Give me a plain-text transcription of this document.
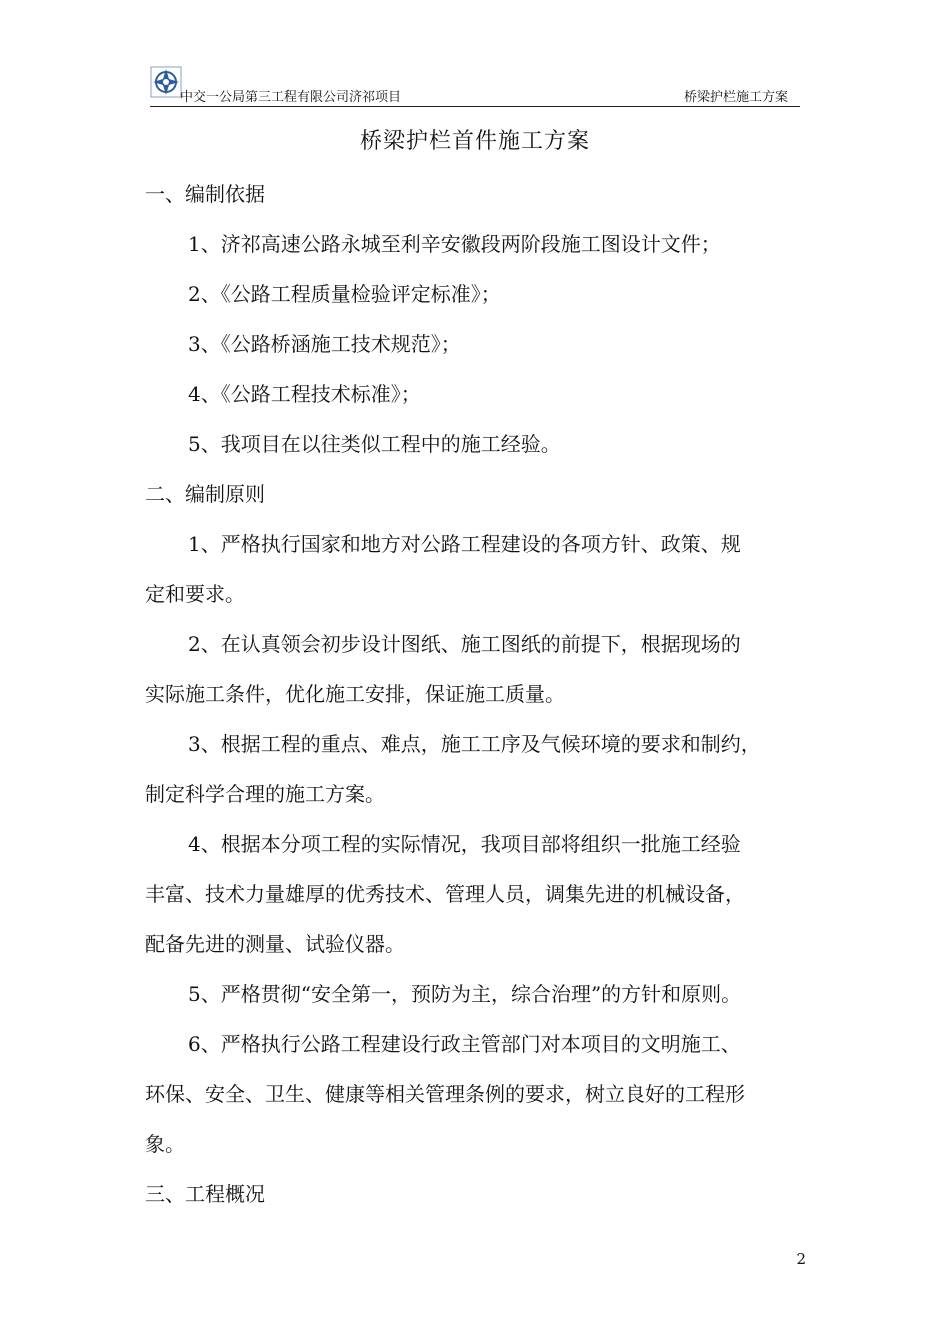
中交一公局第三工程有限公司济祁项目	桥梁护栏施工方案
桥梁护栏首件施工方案
一、编制依据
1、济祁高速公路永城至利辛安徽段两阶段施工图设计文件；
2、《公路工程质量检验评定标准》；
3、《公路桥涵施工技术规范》；
4、《公路工程技术标准》；
5、我项目在以往类似工程中的施工经验。
二、编制原则
1、严格执行国家和地方对公路工程建设的各项方针、政策、规
定和要求。
2、在认真领会初步设计图纸、施工图纸的前提下，根据现场的
实际施工条件，优化施工安排，保证施工质量。
3、根据工程的重点、难点，施工工序及气候环境的要求和制约，
制定科学合理的施工方案。
4、根据本分项工程的实际情况，我项目部将组织一批施工经验
丰富、技术力量雄厚的优秀技术、管理人员，调集先进的机械设备，
配备先进的测量、试验仪器。
5、严格贯彻“安全第一，预防为主，综合治理”的方针和原则。
6、严格执行公路工程建设行政主管部门对本项目的文明施工、
环保、安全、卫生、健康等相关管理条例的要求，树立良好的工程形
象。
三、工程概况
2
